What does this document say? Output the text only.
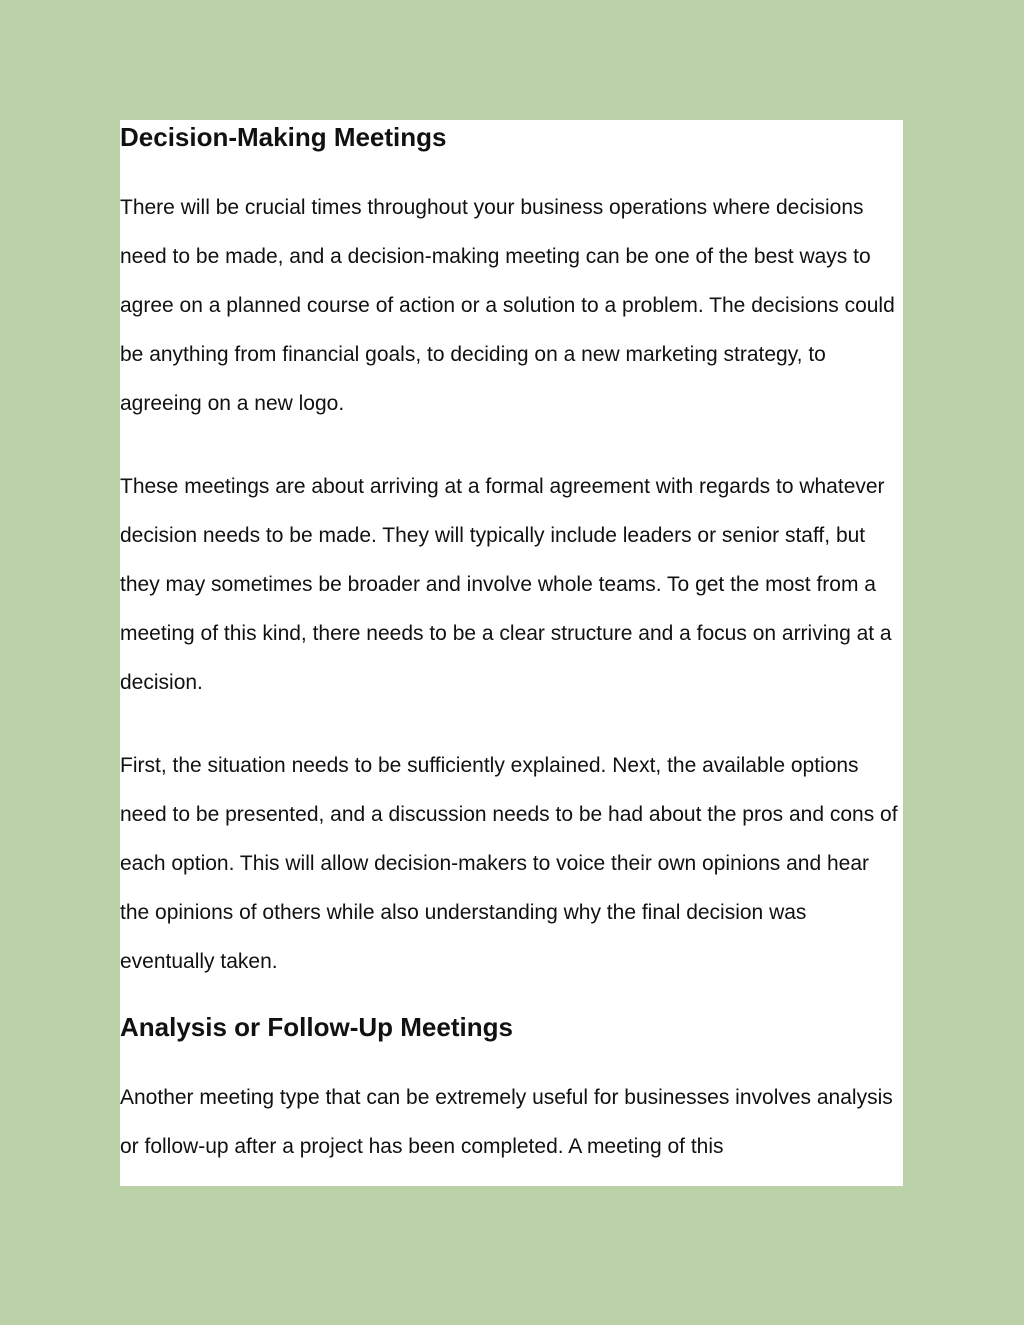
Decision-Making Meetings

There will be crucial times throughout your business operations where decisions need to be made, and a decision-making meeting can be one of the best ways to agree on a planned course of action or a solution to a problem. The decisions could be anything from financial goals, to deciding on a new marketing strategy, to agreeing on a new logo.

These meetings are about arriving at a formal agreement with regards to whatever decision needs to be made. They will typically include leaders or senior staff, but they may sometimes be broader and involve whole teams. To get the most from a meeting of this kind, there needs to be a clear structure and a focus on arriving at a decision.

First, the situation needs to be sufficiently explained. Next, the available options need to be presented, and a discussion needs to be had about the pros and cons of each option. This will allow decision-makers to voice their own opinions and hear the opinions of others while also understanding why the final decision was eventually taken.

Analysis or Follow-Up Meetings

Another meeting type that can be extremely useful for businesses involves analysis or follow-up after a project has been completed. A meeting of this
